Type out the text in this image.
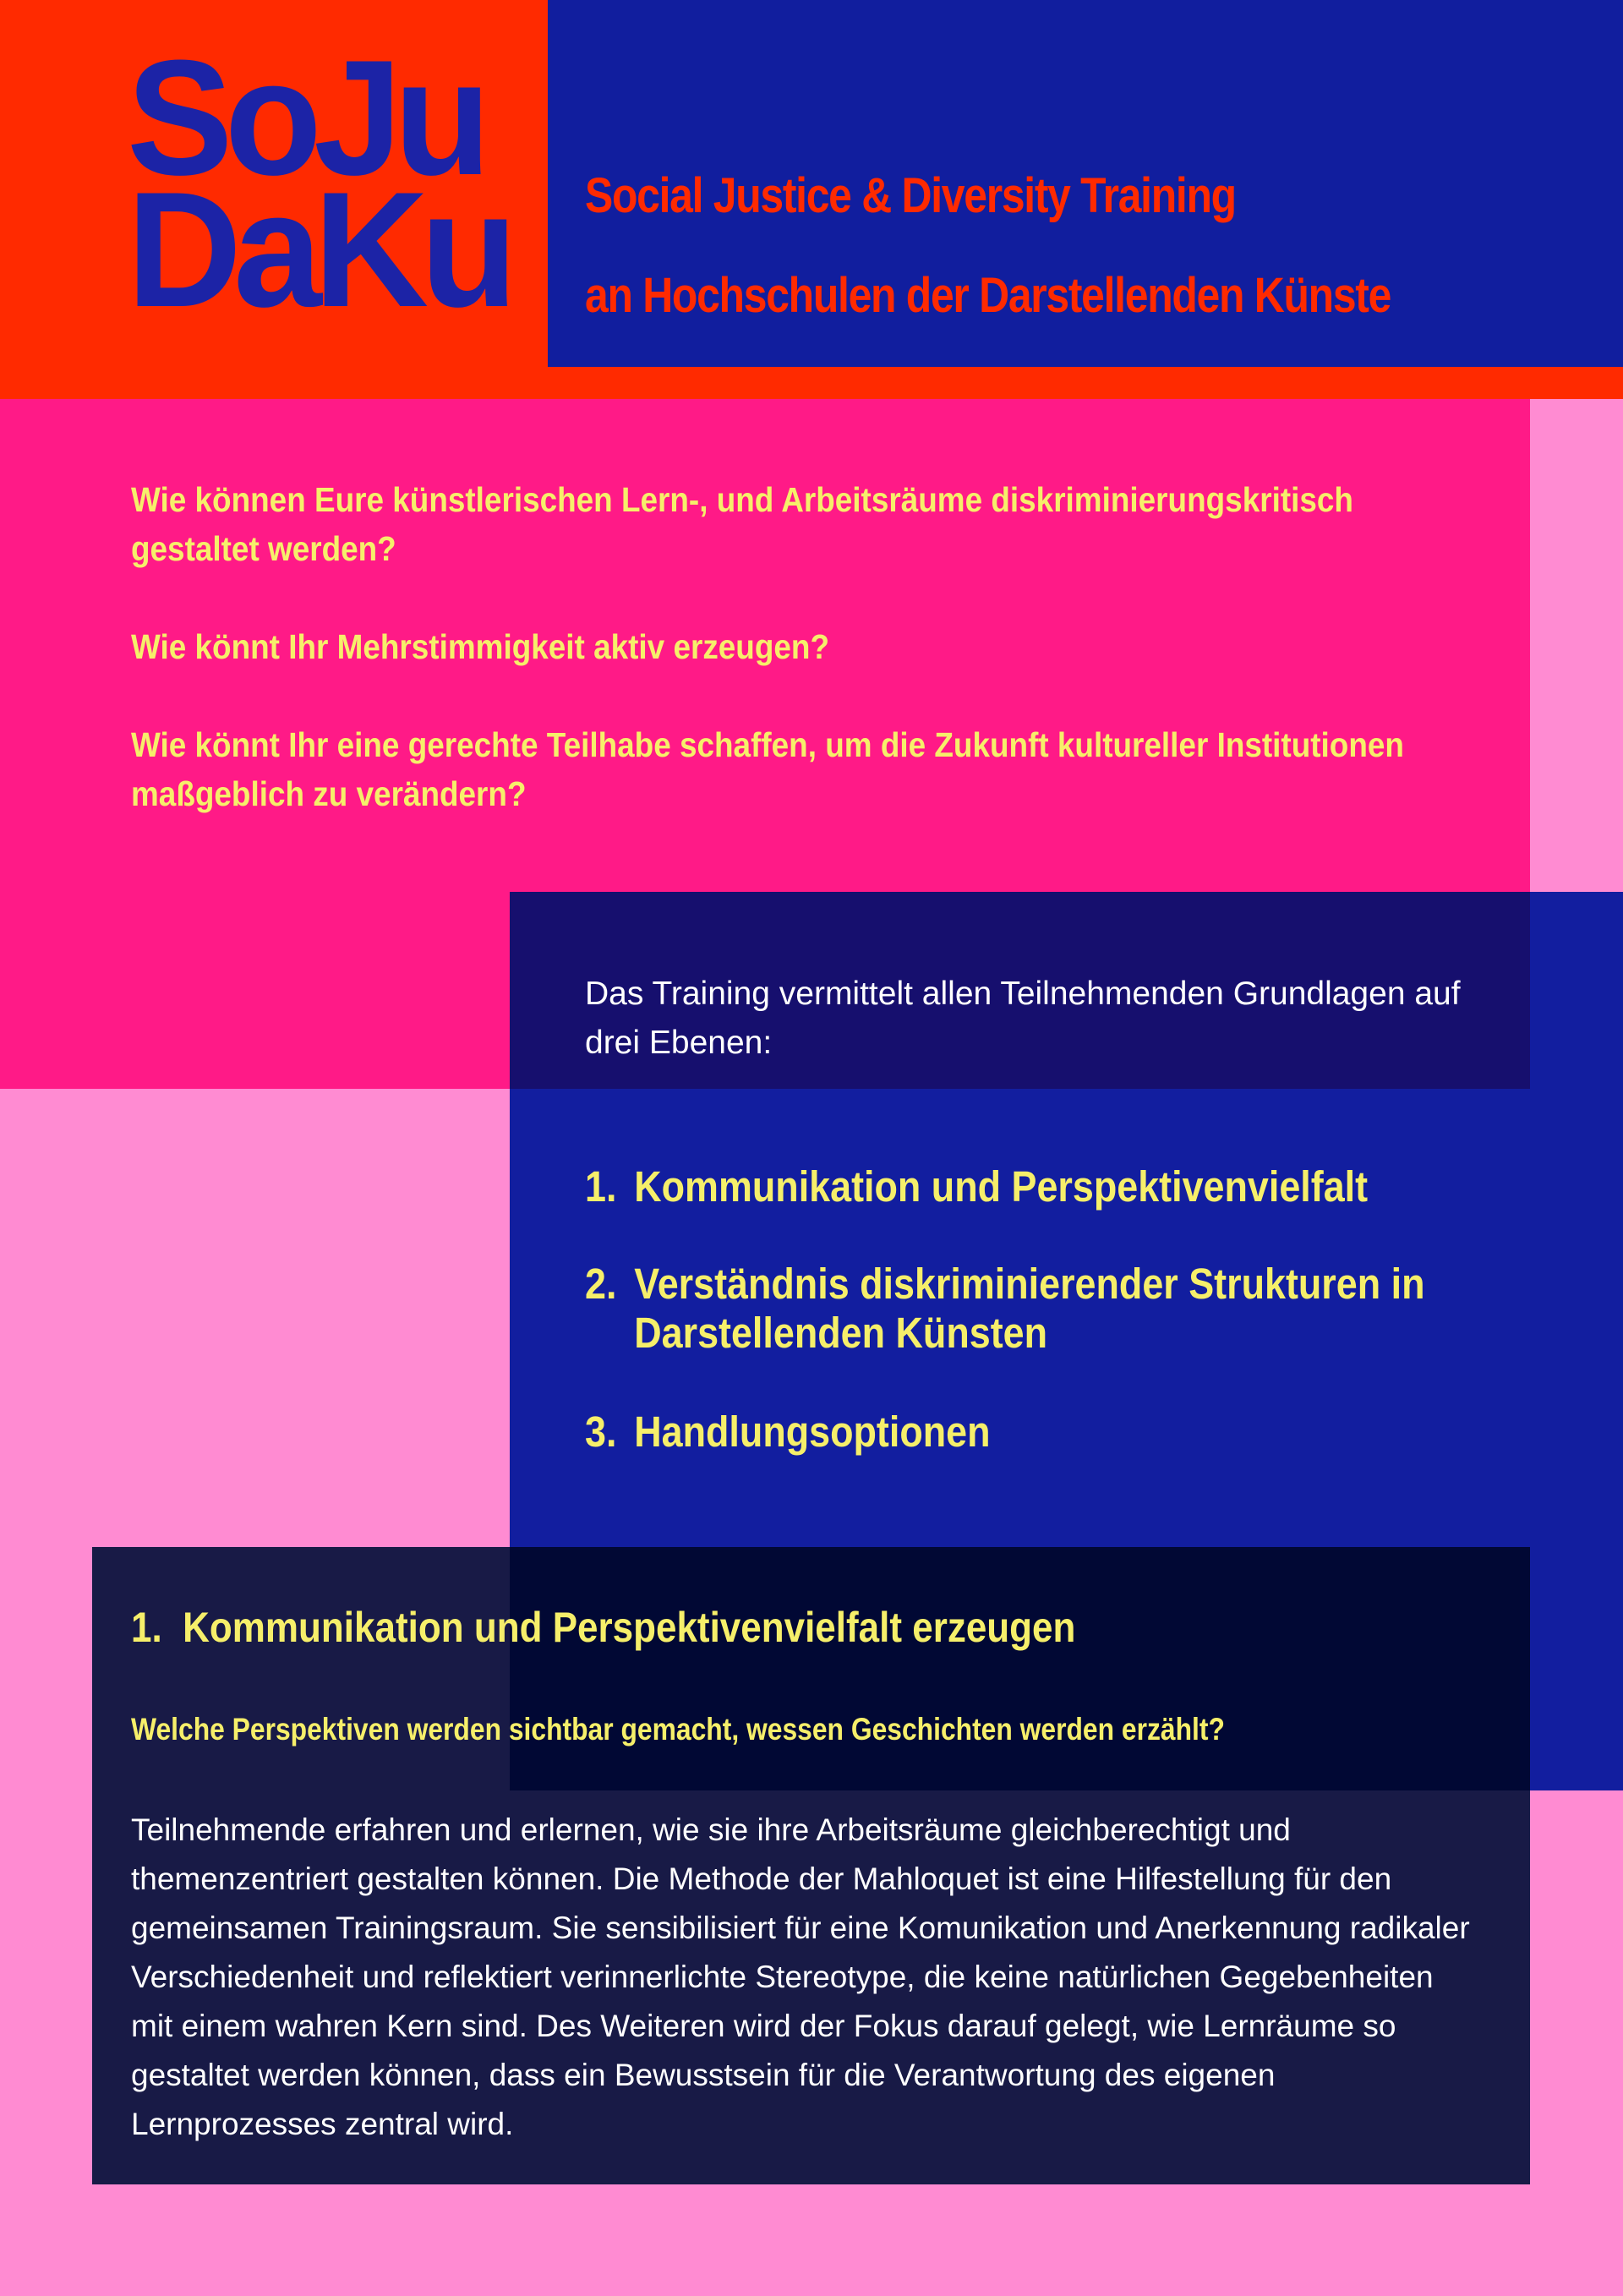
SoJu
DaKu Social Justice & Diversity Training
an Hochschulen der Darstellenden Künste
Wie können Eure künstlerischen Lern-, und Arbeitsräume diskriminierungskritisch gestaltet werden?
Wie könnt Ihr Mehrstimmigkeit aktiv erzeugen?
Wie könnt Ihr eine gerechte Teilhabe schaffen, um die Zukunft kultureller Institutionen maßgeblich zu verändern?
Das Training vermittelt allen Teilnehmenden Grundlagen auf drei Ebenen:
1. Kommunikation und Perspektivenvielfalt
2. Verständnis diskriminierender Strukturen in
Darstellenden Künsten
3. Handlungsoptionen
1. Kommunikation und Perspektivenvielfalt erzeugen
Welche Perspektiven werden sichtbar gemacht, wessen Geschichten werden erzählt?
Teilnehmende erfahren und erlernen, wie sie ihre Arbeitsräume gleichberechtigt und themenzentriert gestalten können. Die Methode der Mahloquet ist eine Hilfestellung für den gemeinsamen Trainingsraum. Sie sensibilisiert für eine Komunikation und Anerkennung radikaler Verschiedenheit und reflektiert verinnerlichte Stereotype, die keine natürlichen Gegebenheiten mit einem wahren Kern sind. Des Weiteren wird der Fokus darauf gelegt, wie Lernräume so gestaltet werden können, dass ein Bewusstsein für die Verantwortung des eigenen Lernprozesses zentral wird.
